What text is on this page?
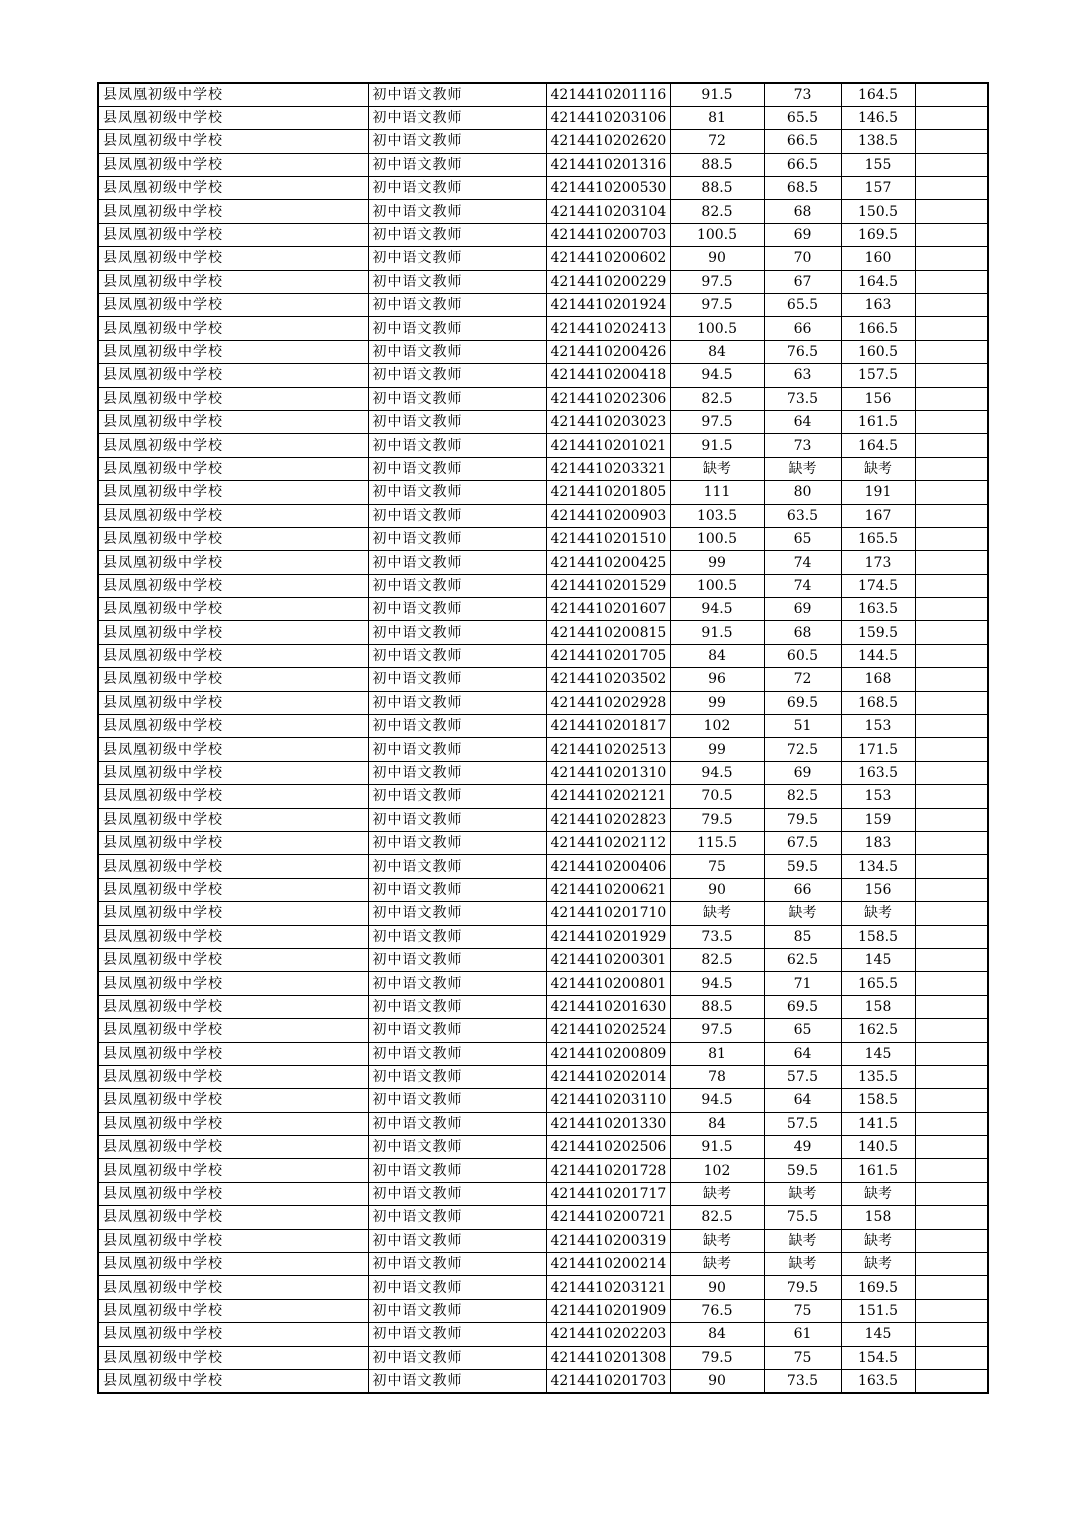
县凤凰初级中学校	初中语文教师	4214410201116	91.5	73	164.5	
县凤凰初级中学校	初中语文教师	4214410203106	81	65.5	146.5	
县凤凰初级中学校	初中语文教师	4214410202620	72	66.5	138.5	
县凤凰初级中学校	初中语文教师	4214410201316	88.5	66.5	155	
县凤凰初级中学校	初中语文教师	4214410200530	88.5	68.5	157	
县凤凰初级中学校	初中语文教师	4214410203104	82.5	68	150.5	
县凤凰初级中学校	初中语文教师	4214410200703	100.5	69	169.5	
县凤凰初级中学校	初中语文教师	4214410200602	90	70	160	
县凤凰初级中学校	初中语文教师	4214410200229	97.5	67	164.5	
县凤凰初级中学校	初中语文教师	4214410201924	97.5	65.5	163	
县凤凰初级中学校	初中语文教师	4214410202413	100.5	66	166.5	
县凤凰初级中学校	初中语文教师	4214410200426	84	76.5	160.5	
县凤凰初级中学校	初中语文教师	4214410200418	94.5	63	157.5	
县凤凰初级中学校	初中语文教师	4214410202306	82.5	73.5	156	
县凤凰初级中学校	初中语文教师	4214410203023	97.5	64	161.5	
县凤凰初级中学校	初中语文教师	4214410201021	91.5	73	164.5	
县凤凰初级中学校	初中语文教师	4214410203321	缺考	缺考	缺考	
县凤凰初级中学校	初中语文教师	4214410201805	111	80	191	
县凤凰初级中学校	初中语文教师	4214410200903	103.5	63.5	167	
县凤凰初级中学校	初中语文教师	4214410201510	100.5	65	165.5	
县凤凰初级中学校	初中语文教师	4214410200425	99	74	173	
县凤凰初级中学校	初中语文教师	4214410201529	100.5	74	174.5	
县凤凰初级中学校	初中语文教师	4214410201607	94.5	69	163.5	
县凤凰初级中学校	初中语文教师	4214410200815	91.5	68	159.5	
县凤凰初级中学校	初中语文教师	4214410201705	84	60.5	144.5	
县凤凰初级中学校	初中语文教师	4214410203502	96	72	168	
县凤凰初级中学校	初中语文教师	4214410202928	99	69.5	168.5	
县凤凰初级中学校	初中语文教师	4214410201817	102	51	153	
县凤凰初级中学校	初中语文教师	4214410202513	99	72.5	171.5	
县凤凰初级中学校	初中语文教师	4214410201310	94.5	69	163.5	
县凤凰初级中学校	初中语文教师	4214410202121	70.5	82.5	153	
县凤凰初级中学校	初中语文教师	4214410202823	79.5	79.5	159	
县凤凰初级中学校	初中语文教师	4214410202112	115.5	67.5	183	
县凤凰初级中学校	初中语文教师	4214410200406	75	59.5	134.5	
县凤凰初级中学校	初中语文教师	4214410200621	90	66	156	
县凤凰初级中学校	初中语文教师	4214410201710	缺考	缺考	缺考	
县凤凰初级中学校	初中语文教师	4214410201929	73.5	85	158.5	
县凤凰初级中学校	初中语文教师	4214410200301	82.5	62.5	145	
县凤凰初级中学校	初中语文教师	4214410200801	94.5	71	165.5	
县凤凰初级中学校	初中语文教师	4214410201630	88.5	69.5	158	
县凤凰初级中学校	初中语文教师	4214410202524	97.5	65	162.5	
县凤凰初级中学校	初中语文教师	4214410200809	81	64	145	
县凤凰初级中学校	初中语文教师	4214410202014	78	57.5	135.5	
县凤凰初级中学校	初中语文教师	4214410203110	94.5	64	158.5	
县凤凰初级中学校	初中语文教师	4214410201330	84	57.5	141.5	
县凤凰初级中学校	初中语文教师	4214410202506	91.5	49	140.5	
县凤凰初级中学校	初中语文教师	4214410201728	102	59.5	161.5	
县凤凰初级中学校	初中语文教师	4214410201717	缺考	缺考	缺考	
县凤凰初级中学校	初中语文教师	4214410200721	82.5	75.5	158	
县凤凰初级中学校	初中语文教师	4214410200319	缺考	缺考	缺考	
县凤凰初级中学校	初中语文教师	4214410200214	缺考	缺考	缺考	
县凤凰初级中学校	初中语文教师	4214410203121	90	79.5	169.5	
县凤凰初级中学校	初中语文教师	4214410201909	76.5	75	151.5	
县凤凰初级中学校	初中语文教师	4214410202203	84	61	145	
县凤凰初级中学校	初中语文教师	4214410201308	79.5	75	154.5	
县凤凰初级中学校	初中语文教师	4214410201703	90	73.5	163.5	
